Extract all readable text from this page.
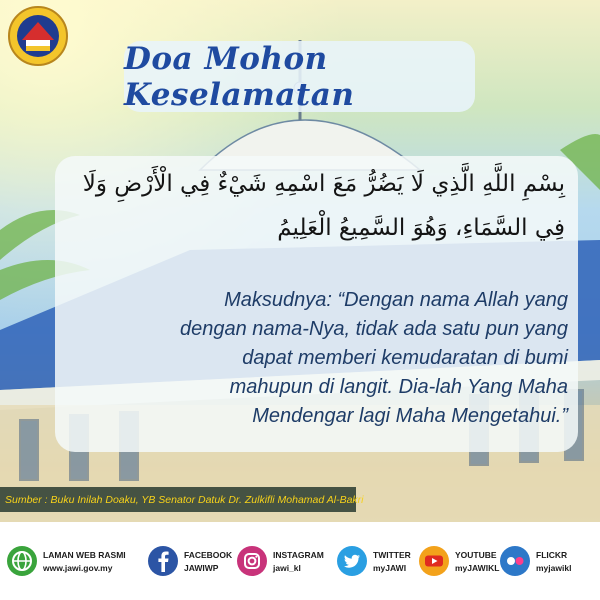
Doa Mohon Keselamatan
بِسْمِ اللَّهِ الَّذِي لَا يَضُرُّ مَعَ اسْمِهِ شَيْءٌ فِي الْأَرْضِ وَلَا فِي السَّمَاءِ، وَهُوَ السَّمِيعُ الْعَلِيمُ
Maksudnya: “Dengan nama Allah yang
dengan nama-Nya, tidak ada satu pun yang
dapat memberi kemudaratan di bumi
mahupun di langit. Dia-lah Yang Maha
Mendengar lagi Maha Mengetahui.”
Sumber : Buku Inilah Doaku, YB Senator Datuk Dr. Zulkifli Mohamad Al-Bakri
LAMAN WEB RASMI
www.jawi.gov.my
FACEBOOK
JAWIWP
INSTAGRAM
jawi_kl
TWITTER
myJAWI
YOUTUBE
myJAWIKL
FLICKR
myjawikl
